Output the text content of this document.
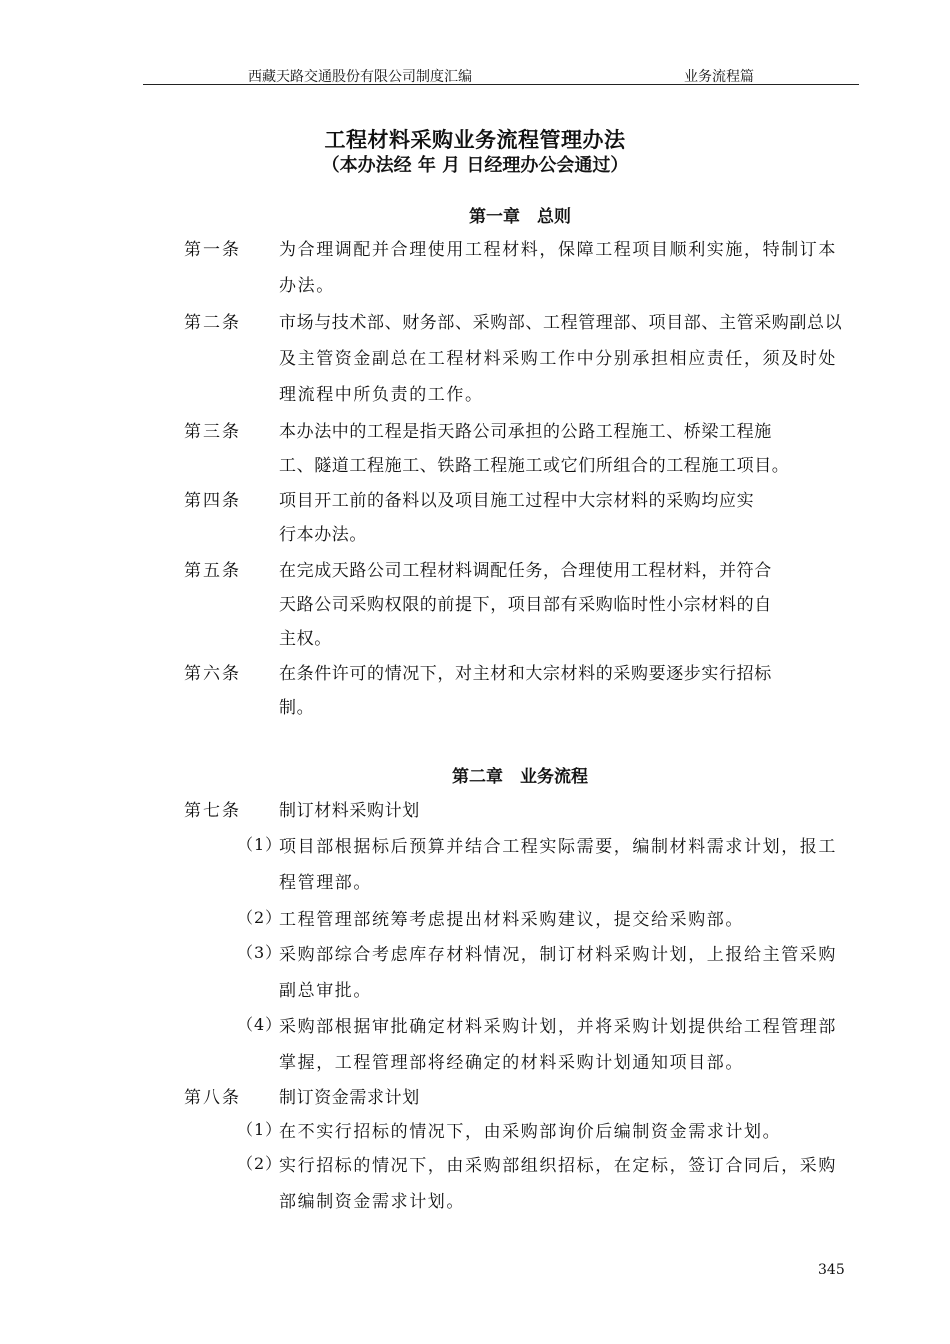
西藏天路交通股份有限公司制度汇编	业务流程篇
工程材料采购业务流程管理办法
（本办法经 年 月 日经理办公会通过）
第一章　总则
第一条 为合理调配并合理使用工程材料，保障工程项目顺利实施，特制订本
办法。
第二条 市场与技术部、财务部、采购部、工程管理部、项目部、主管采购副总以
及主管资金副总在工程材料采购工作中分别承担相应责任，须及时处
理流程中所负责的工作。
第三条 本办法中的工程是指天路公司承担的公路工程施工、桥梁工程施
工、隧道工程施工、铁路工程施工或它们所组合的工程施工项目。
第四条 项目开工前的备料以及项目施工过程中大宗材料的采购均应实
行本办法。
第五条 在完成天路公司工程材料调配任务，合理使用工程材料，并符合
天路公司采购权限的前提下，项目部有采购临时性小宗材料的自
主权。
第六条 在条件许可的情况下，对主材和大宗材料的采购要逐步实行招标
制。
第二章　业务流程
第七条 制订材料采购计划
（1）
项目部根据标后预算并结合工程实际需要，编制材料需求计划，报工
程管理部。
（2）
工程管理部统筹考虑提出材料采购建议，提交给采购部。
（3）
采购部综合考虑库存材料情况，制订材料采购计划，上报给主管采购
副总审批。
（4）
采购部根据审批确定材料采购计划，并将采购计划提供给工程管理部
掌握，工程管理部将经确定的材料采购计划通知项目部。
第八条 制订资金需求计划
（1）
在不实行招标的情况下，由采购部询价后编制资金需求计划。
（2）
实行招标的情况下，由采购部组织招标，在定标，签订合同后，采购
部编制资金需求计划。
345
